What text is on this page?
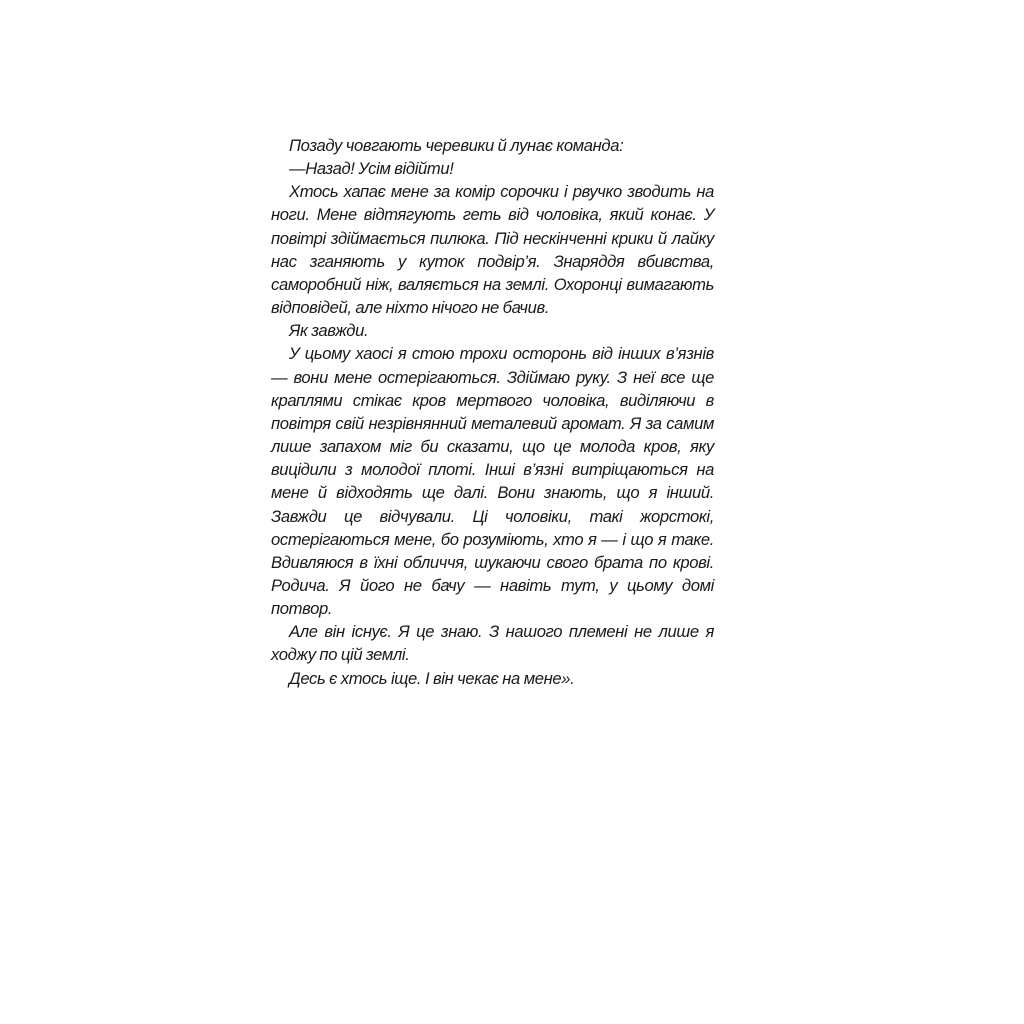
Позаду човгають черевики й лунає команда:

—Назад! Усім відійти!

Хтось хапає мене за комір сорочки і рвучко зводить на ноги. Мене відтягують геть від чоловіка, який конає. У повітрі здіймається пилюка. Під нескінченні крики й лайку нас зганяють у куток подвір’я. Знаряддя вбивства, саморобний ніж, валяється на землі. Охоронці вимагають відповідей, але ніхто нічого не бачив.

Як завжди.

У цьому хаосі я стою трохи осторонь від інших в’язнів — вони мене остерігаються. Здіймаю руку. З неї все ще краплями стікає кров мертвого чоловіка, виділяючи в повітря свій незрівнянний металевий аромат. Я за самим лише запахом міг би сказати, що це молода кров, яку вицідили з молодої плоті. Інші в’язні витріщаються на мене й відходять ще далі. Вони знають, що я інший. Завжди це відчували. Ці чоловіки, такі жорстокі, остерігаються мене, бо розуміють, хто я — і що я таке. Вдивляюся в їхні обличчя, шукаючи свого брата по крові. Родича. Я його не бачу — навіть тут, у цьому домі потвор.

Але він існує. Я це знаю. З нашого племені не лише я ходжу по цій землі.

Десь є хтось іще. І він чекає на мене».
